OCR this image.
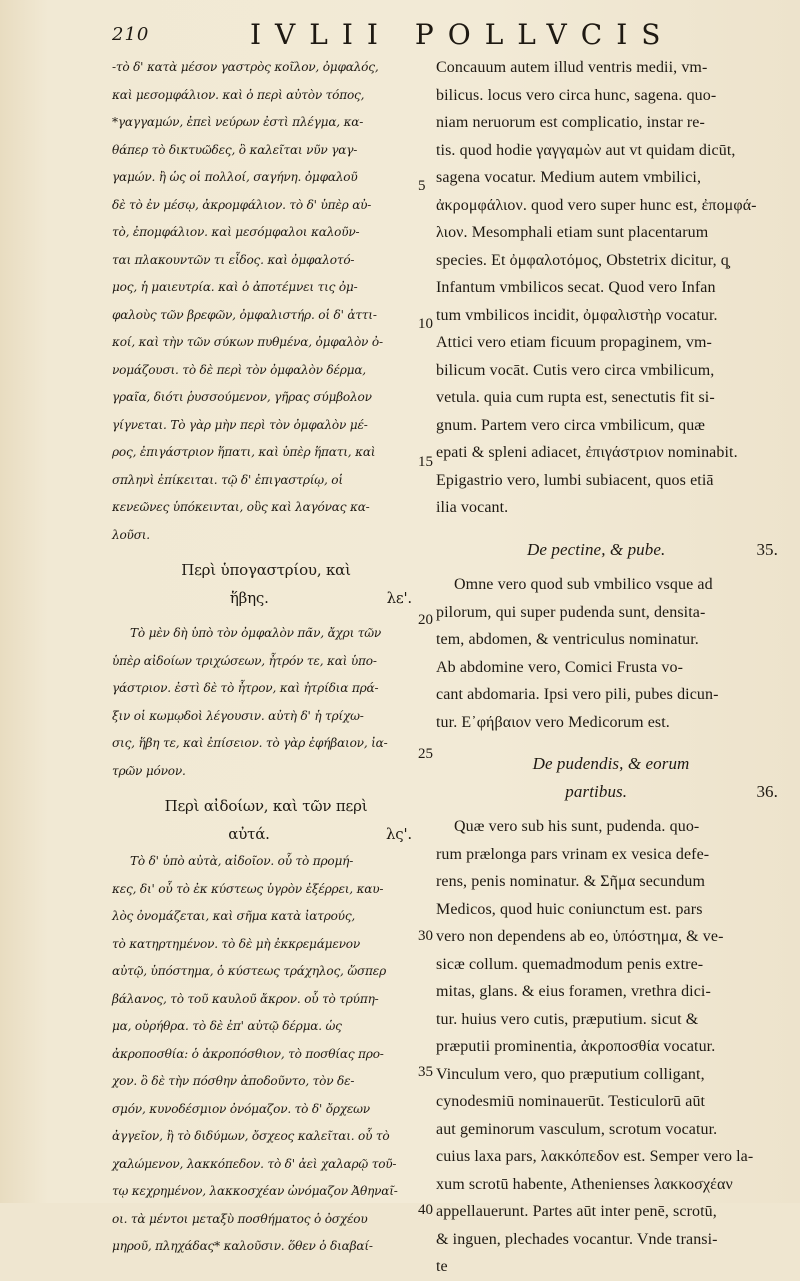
210	IVLII POLLVCIS
-τὸ δ' κατὰ μέσον γαστρὸς κοῖλον, ὀμφαλός,
καὶ μεσομφάλιον. καὶ ὁ περὶ αὐτὸν τόπος,
*γαγγαμών, ἐπεὶ νεύρων ἐστὶ πλέγμα, κα-
θάπερ τὸ δικτυῶδες, ὃ καλεῖται νῦν γαγ-
γαμών. ἢ ὡς οἱ πολλοί, σαγήνη. ὀμφαλοῦ
δὲ τὸ ἐν μέσῳ, ἀκρομφάλιον. τὸ δ' ὑπὲρ αὐ-
τὸ, ἐπομφάλιον. καὶ μεσόμφαλοι καλοῦν-
ται πλακουντῶν τι εἶδος. καὶ ὀμφαλοτό-
μος, ἡ μαιευτρία. καὶ ὁ ἀποτέμνει τις ὀμ-
φαλοὺς τῶν βρεφῶν, ὀμφαλιστήρ. οἱ δ' ἀττι-
κοί, καὶ τὴν τῶν σύκων πυθμένα, ὀμφαλὸν ὀ-
νομάζουσι. τὸ δὲ περὶ τὸν ὀμφαλὸν δέρμα,
γραῖα, διότι ῥυσσούμενον, γῆρας σύμβολον
γίγνεται. Τὸ γὰρ μὴν περὶ τὸν ὀμφαλὸν μέ-
ρος, ἐπιγάστριον ἥπατι, καὶ ὑπὲρ ἥπατι, καὶ
σπληνὶ ἐπίκειται. τῷ δ' ἐπιγαστρίῳ, οἱ
κενεῶνες ὑπόκεινται, οὓς καὶ λαγόνας κα-
λοῦσι.
Περὶ ὑπογαστρίου, καὶ
ἥβης.	λε'.
Τὸ μὲν δὴ ὑπὸ τὸν ὀμφαλὸν πᾶν, ἄχρι τῶν
ὑπὲρ αἰδοίων τριχώσεων, ἦτρόν τε, καὶ ὑπο-
γάστριον. ἐστὶ δὲ τὸ ἦτρον, καὶ ἠτρίδια πρά-
ξιν οἱ κωμῳδοὶ λέγουσιν. αὐτὴ δ' ἡ τρίχω-
σις, ἥβη τε, καὶ ἐπίσειον. τὸ γὰρ ἐφήβαιον, ἰα-
τρῶν μόνον.
Περὶ αἰδοίων, καὶ τῶν περὶ
αὐτά.	λς'.
Τὸ δ' ὑπὸ αὐτὰ, αἰδοῖον. οὗ τὸ προμή-
κες, δι' οὗ τὸ ἐκ κύστεως ὑγρὸν ἐξέρρει, καυ-
λὸς ὀνομάζεται, καὶ σῆμα κατὰ ἰατρούς,
τὸ κατηρτημένον. τὸ δὲ μὴ ἐκκρεμάμενον
αὐτῷ, ὑπόστημα, ὁ κύστεως τράχηλος, ὥσπερ
βάλανος, τὸ τοῦ καυλοῦ ἄκρον. οὗ τὸ τρύπη-
μα, οὐρήθρα. τὸ δὲ ἐπ' αὐτῷ δέρμα. ὡς
ἀκροποσθία: ὁ ἀκροπόσθιον, τὸ ποσθίας προ-
χον. ὃ δὲ τὴν πόσθην ἀποδοῦντο, τὸν δε-
σμόν, κυνοδέσμιον ὀνόμαζον. τὸ δ' ὄρχεων
ἀγγεῖον, ἢ τὸ διδύμων, ὄσχεος καλεῖται. οὗ τὸ
χαλώμενον, λακκόπεδον. τὸ δ' ἀεὶ χαλαρῷ τοῦ-
τῳ κεχρημένον, λακκοσχέαν ὠνόμαζον Ἀθηναῖ-
οι. τὰ μέντοι μεταξὺ ποσθήματος ὁ ὀσχέου
μηροῦ, πληχάδας* καλοῦσιν. ὅθεν ὁ διαβαί-
5
10
15
20
25
30
35
40
Concauum autem illud ventris medii, vm-
bilicus. locus vero circa hunc, sagena. quo-
niam neruorum est complicatio, instar re-
tis. quod hodie γαγγαμὼν aut vt quidam dicūt,
sagena vocatur. Medium autem vmbilici,
ἀκρομφάλιον. quod vero super hunc est, ἐπομφά-
λιον. Mesomphali etiam sunt placentarum
species. Et ὀμφαλοτόμος, Obstetrix dicitur, q̧
Infantum vmbilicos secat. Quod vero Infan
tum vmbilicos incidit, ὀμφαλιστὴρ vocatur.
Attici vero etiam ficuum propaginem, vm-
bilicum vocāt. Cutis vero circa vmbilicum,
vetula. quia cum rupta est, senectutis fit si-
gnum. Partem vero circa vmbilicum, quæ
epati & spleni adiacet, ἐπιγάστριον nominabit.
Epigastrio vero, lumbi subiacent, quos etiā
ilia vocant.
De pectine, & pube.	35.
Omne vero quod sub vmbilico vsque ad
pilorum, qui super pudenda sunt, densita-
tem, abdomen, & ventriculus nominatur.
Ab abdomine vero, Comici Frusta vo-
cant abdomaria. Ipsi vero pili, pubes dicun-
tur. Ε᾽φήβαιον vero Medicorum est.
De pudendis, & eorum
partibus.	36.
Quæ vero sub his sunt, pudenda. quo-
rum prælonga pars vrinam ex vesica defe-
rens, penis nominatur. & Σῆμα secundum
Medicos, quod huic coniunctum est. pars
vero non dependens ab eo, ὑπόστημα, & ve-
sicæ collum. quemadmodum penis extre-
mitas, glans. & eius foramen, vrethra dici-
tur. huius vero cutis, præputium. sicut &
præputii prominentia, ἀκροποσθία vocatur.
Vinculum vero, quo præputium colligant,
cynodesmiū nominauerūt. Testiculorū aūt
aut geminorum vasculum, scrotum vocatur.
cuius laxa pars, λακκόπεδον est. Semper vero la-
xum scrotū habente, Athenienses λακκοσχέαν
appellauerunt. Partes aūt inter penē, scrotū,
& inguen, plechades vocantur. Vnde transi-
te
